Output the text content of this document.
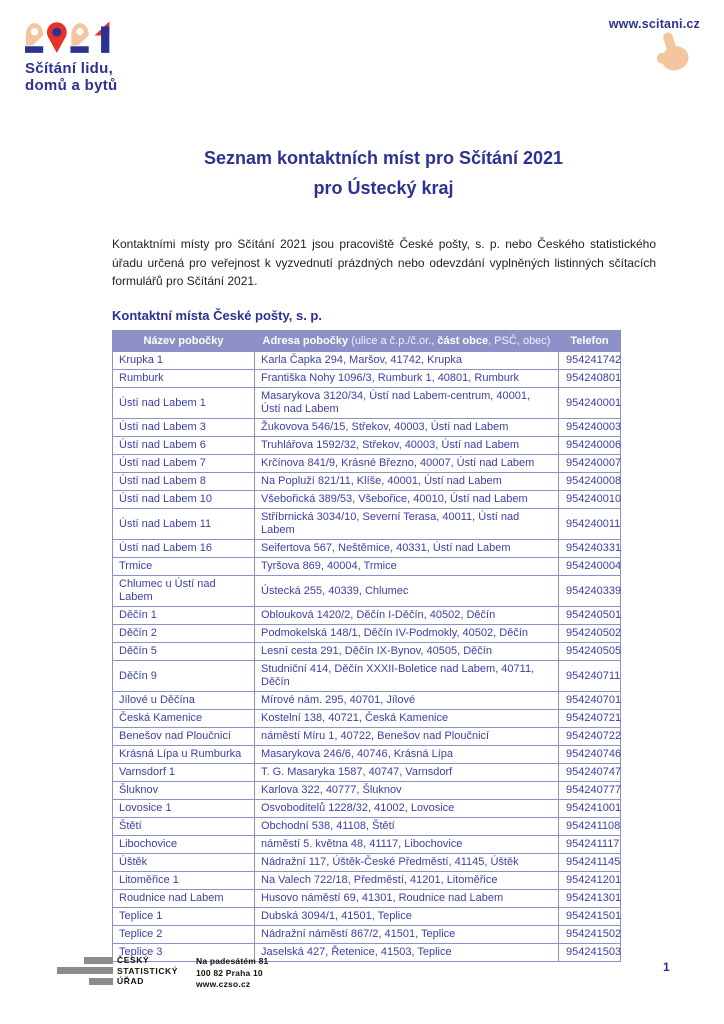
Sčítání lidu,
domů a bytů
www.scitani.cz
Seznam kontaktních míst pro Sčítání 2021
pro Ústecký kraj

Kontaktními místy pro Sčítání 2021 jsou pracoviště České pošty, s. p. nebo Českého statistického úřadu určená pro veřejnost k vyzvednutí prázdných nebo odevzdání vyplněných listinných sčítacích formulářů pro Sčítání 2021.

Kontaktní místa České pošty, s. p.
Název pobočky	Adresa pobočky (ulice a č.p./č.or., část obce, PSČ, obec)	Telefon
Krupka 1	Karla Čapka 294, Maršov, 41742, Krupka	954241742
Rumburk	Františka Nohy 1096/3, Rumburk 1, 40801, Rumburk	954240801
Ústí nad Labem 1	Masarykova 3120/34, Ústí nad Labem-centrum, 40001, Ústí nad Labem	954240001
Ústí nad Labem 3	Žukovova 546/15, Střekov, 40003, Ústí nad Labem	954240003
Ústí nad Labem 6	Truhlářova 1592/32, Střekov, 40003, Ústí nad Labem	954240006
Ústí nad Labem 7	Krčínova 841/9, Krásné Březno, 40007, Ústí nad Labem	954240007
Ústí nad Labem 8	Na Popluží 821/11, Klíše, 40001, Ústí nad Labem	954240008
Ústí nad Labem 10	Všebořická 389/53, Všebořice, 40010, Ústí nad Labem	954240010
Ústí nad Labem 11	Stříbrnická 3034/10, Severní Terasa, 40011, Ústí nad Labem	954240011
Ústí nad Labem 16	Seifertova 567, Neštěmice, 40331, Ústí nad Labem	954240331
Trmice	Tyršova 869, 40004, Trmice	954240004
Chlumec u Ústí nad Labem	Ústecká 255, 40339, Chlumec	954240339
Děčín 1	Oblouková 1420/2, Děčín I-Děčín, 40502, Děčín	954240501
Děčín 2	Podmokelská 148/1, Děčín IV-Podmokly, 40502, Děčín	954240502
Děčín 5	Lesní cesta 291, Děčín IX-Bynov, 40505, Děčín	954240505
Děčín 9	Studniční 414, Děčín XXXII-Boletice nad Labem, 40711, Děčín	954240711
Jílové u Děčína	Mírové nám. 295, 40701, Jílové	954240701
Česká Kamenice	Kostelní 138, 40721, Česká Kamenice	954240721
Benešov nad Ploučnicí	náměstí Míru 1, 40722, Benešov nad Ploučnicí	954240722
Krásná Lípa u Rumburka	Masarykova 246/6, 40746, Krásná Lípa	954240746
Varnsdorf 1	T. G. Masaryka 1587, 40747, Varnsdorf	954240747
Šluknov	Karlova 322, 40777, Šluknov	954240777
Lovosice 1	Osvoboditelů 1228/32, 41002, Lovosice	954241001
Štětí	Obchodní 538, 41108, Štětí	954241108
Libochovice	náměstí 5. května 48, 41117, Libochovice	954241117
Úštěk	Nádražní 117, Úštěk-České Předměstí, 41145, Úštěk	954241145
Litoměřice 1	Na Valech 722/18, Předměstí, 41201, Litoměřice	954241201
Roudnice nad Labem	Husovo náměstí 69, 41301, Roudnice nad Labem	954241301
Teplice 1	Dubská 3094/1, 41501, Teplice	954241501
Teplice 2	Nádražní náměstí 867/2, 41501, Teplice	954241502
Teplice 3	Jaselská 427, Řetenice, 41503, Teplice	954241503
ČESKÝ
STATISTICKÝ
ÚŘAD
Na padesátém 81
100 82 Praha 10
www.czso.cz
1
